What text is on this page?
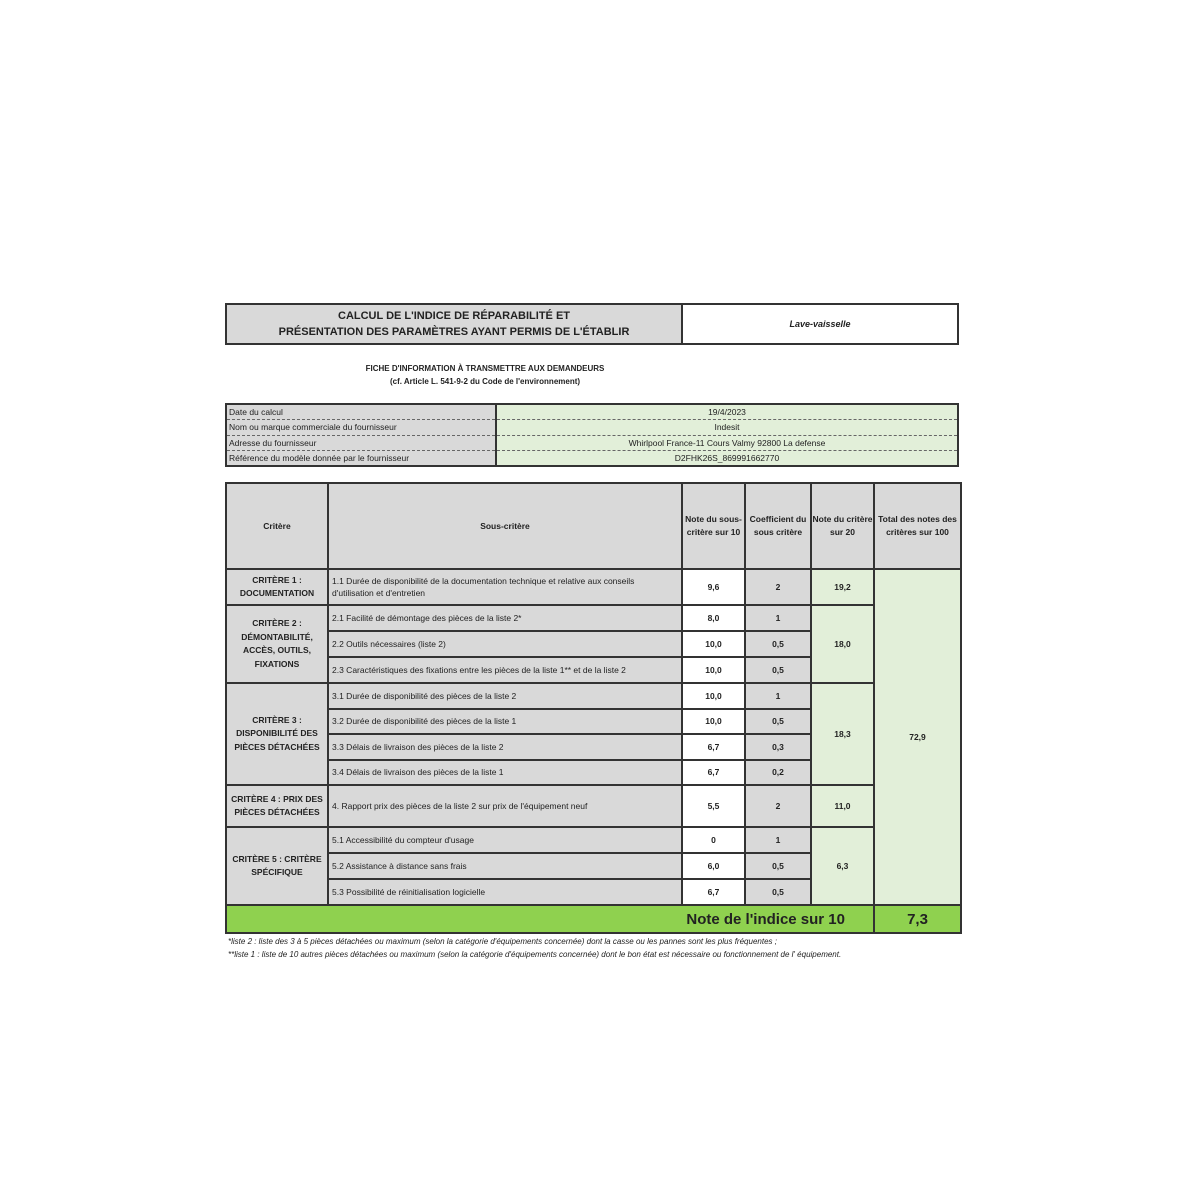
CALCUL DE L'INDICE DE RÉPARABILITÉ ET
PRÉSENTATION DES PARAMÈTRES AYANT PERMIS DE L'ÉTABLIR
Lave-vaisselle
FICHE D'INFORMATION À TRANSMETTRE AUX DEMANDEURS
(cf. Article L. 541-9-2 du Code de l'environnement)
Date du calcul	19/4/2023
Nom ou marque commerciale du fournisseur	Indesit
Adresse du fournisseur	Whirlpool France-11 Cours Valmy 92800 La defense
Référence du modèle donnée par le fournisseur	D2FHK26S_869991662770
Critère	Sous-critère	Note du sous-critère sur 10	Coefficient du sous critère	Note du critère sur 20	Total des notes des critères sur 100
CRITÈRE 1 : DOCUMENTATION	1.1 Durée de disponibilité de la documentation technique et relative aux conseils d'utilisation et d'entretien	9,6	2	19,2	72,9
CRITÈRE 2 : DÉMONTABILITÉ, ACCÈS, OUTILS, FIXATIONS	2.1 Facilité de démontage des pièces de la liste 2*	8,0	1	18,0	
	2.2 Outils nécessaires (liste 2)	10,0	0,5		
	2.3 Caractéristiques des fixations entre les pièces de la liste 1** et de la liste 2	10,0	0,5		
CRITÈRE 3 : DISPONIBILITÉ DES PIÈCES DÉTACHÉES	3.1 Durée de disponibilité des pièces de la liste 2	10,0	1	18,3	
	3.2 Durée de disponibilité des pièces de la liste 1	10,0	0,5		
	3.3 Délais de livraison des pièces de la liste 2	6,7	0,3		
	3.4 Délais de livraison des pièces de la liste 1	6,7	0,2		
CRITÈRE 4 : PRIX DES PIÈCES DÉTACHÉES	4. Rapport prix des pièces de la liste 2 sur prix de l'équipement neuf	5,5	2	11,0	
CRITÈRE 5 : CRITÈRE SPÉCIFIQUE	5.1 Accessibilité du compteur d'usage	0	1	6,3	
	5.2 Assistance à distance sans frais	6,0	0,5		
	5.3 Possibilité de réinitialisation logicielle	6,7	0,5		
Note de l'indice sur 10					7,3
*liste 2 : liste des 3 à 5 pièces détachées ou maximum (selon la catégorie d'équipements concernée) dont la casse ou les pannes sont les plus fréquentes ;
**liste 1 : liste de 10 autres pièces détachées ou maximum (selon la catégorie d'équipements concernée) dont le bon état est nécessaire ou fonctionnement de l' équipement.
